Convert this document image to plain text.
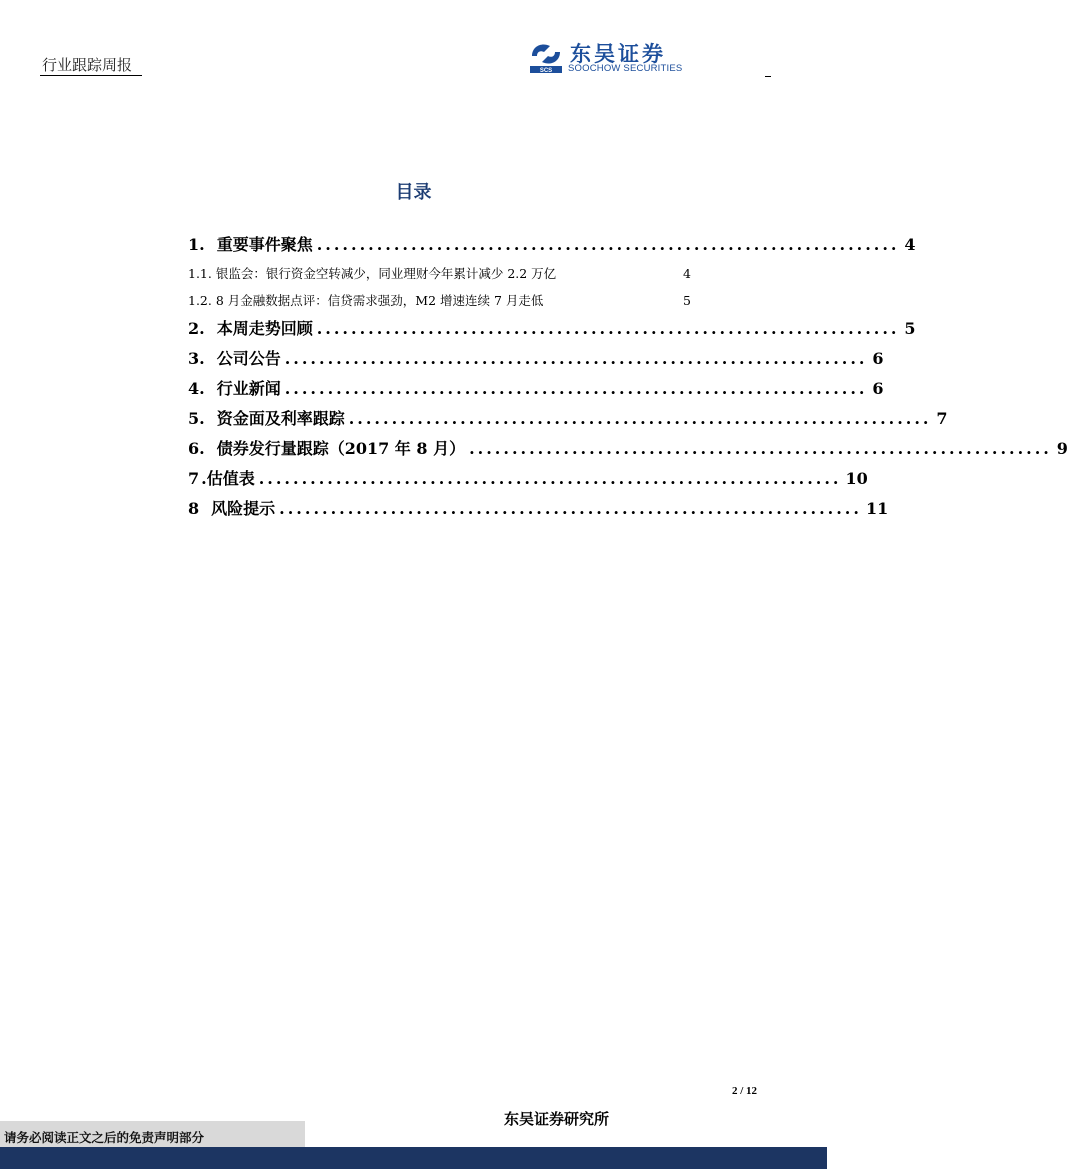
行业跟踪周报	SCS
东吴证券
SOOCHOW SECURITIES
目录
1. 重要事件聚焦 .................................................................... 4
1.1. 银监会：银行资金空转减少，同业理财今年累计减少 2.2 万亿	4
1.2. 8 月金融数据点评：信贷需求强劲，M2 增速连续 7 月走低	5
2. 本周走势回顾 .................................................................... 5
3. 公司公告 .................................................................... 6
4. 行业新闻 .................................................................... 6
5. 资金面及利率跟踪 .................................................................... 7
6. 债券发行量跟踪（2017 年 8 月） .................................................................... 9
7 .估值表 .................................................................... 10
8 风险提示 .................................................................... 11
2 / 12
东吴证券研究所
请务必阅读正文之后的免责声明部分
